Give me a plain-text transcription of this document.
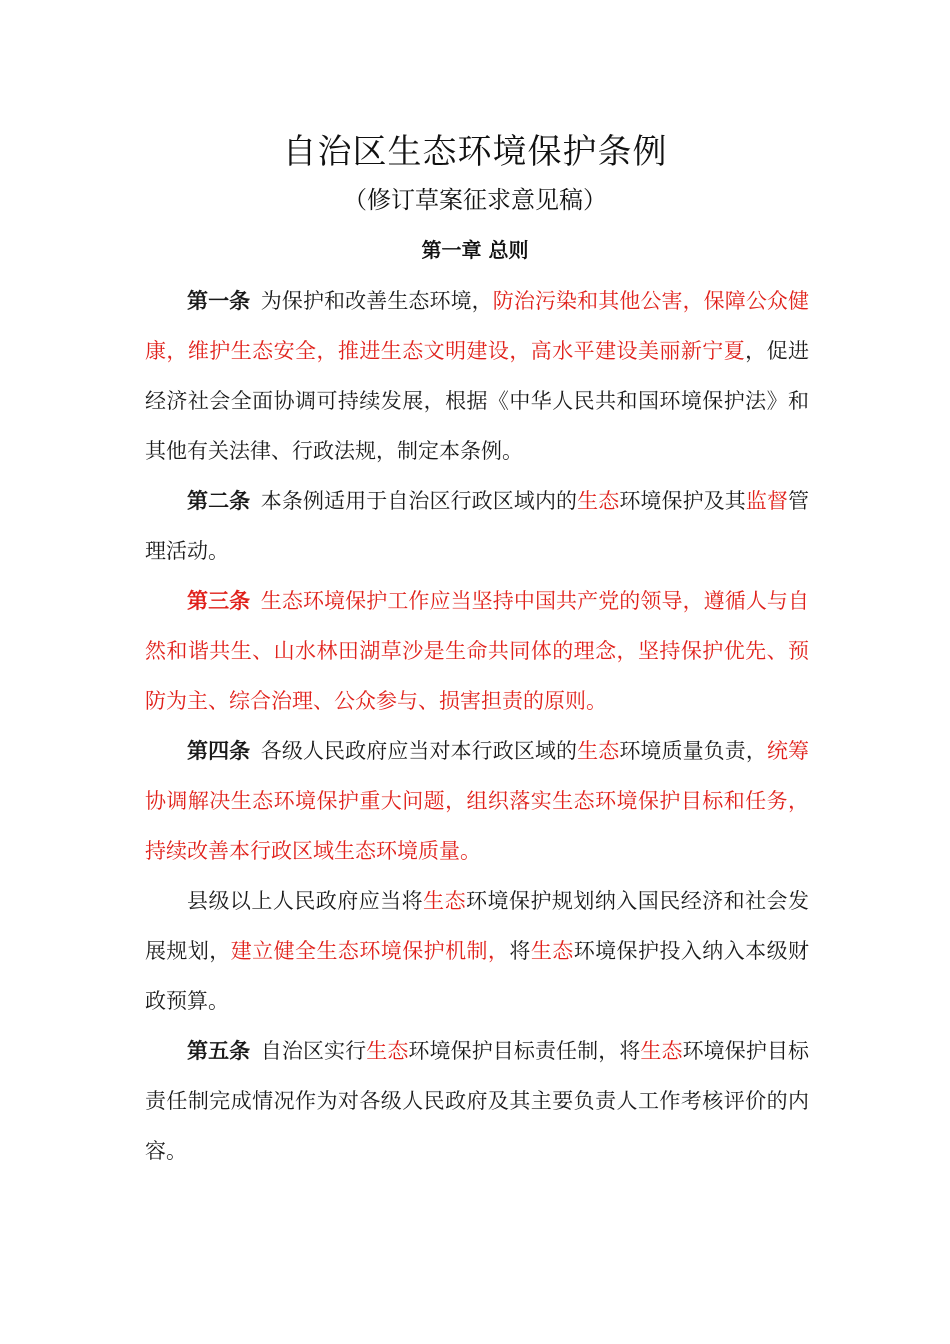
自治区生态环境保护条例
（修订草案征求意见稿）
第一章 总则

第一条 为保护和改善生态环境，防治污染和其他公害，保障公众健康，维护生态安全，推进生态文明建设，高水平建设美丽新宁夏，促进经济社会全面协调可持续发展，根据《中华人民共和国环境保护法》和其他有关法律、行政法规，制定本条例。

第二条 本条例适用于自治区行政区域内的生态环境保护及其监督管理活动。

第三条 生态环境保护工作应当坚持中国共产党的领导，遵循人与自然和谐共生、山水林田湖草沙是生命共同体的理念，坚持保护优先、预防为主、综合治理、公众参与、损害担责的原则。

第四条 各级人民政府应当对本行政区域的生态环境质量负责，统筹协调解决生态环境保护重大问题，组织落实生态环境保护目标和任务，持续改善本行政区域生态环境质量。

县级以上人民政府应当将生态环境保护规划纳入国民经济和社会发展规划，建立健全生态环境保护机制，将生态环境保护投入纳入本级财政预算。

第五条 自治区实行生态环境保护目标责任制，将生态环境保护目标责任制完成情况作为对各级人民政府及其主要负责人工作考核评价的内容。
